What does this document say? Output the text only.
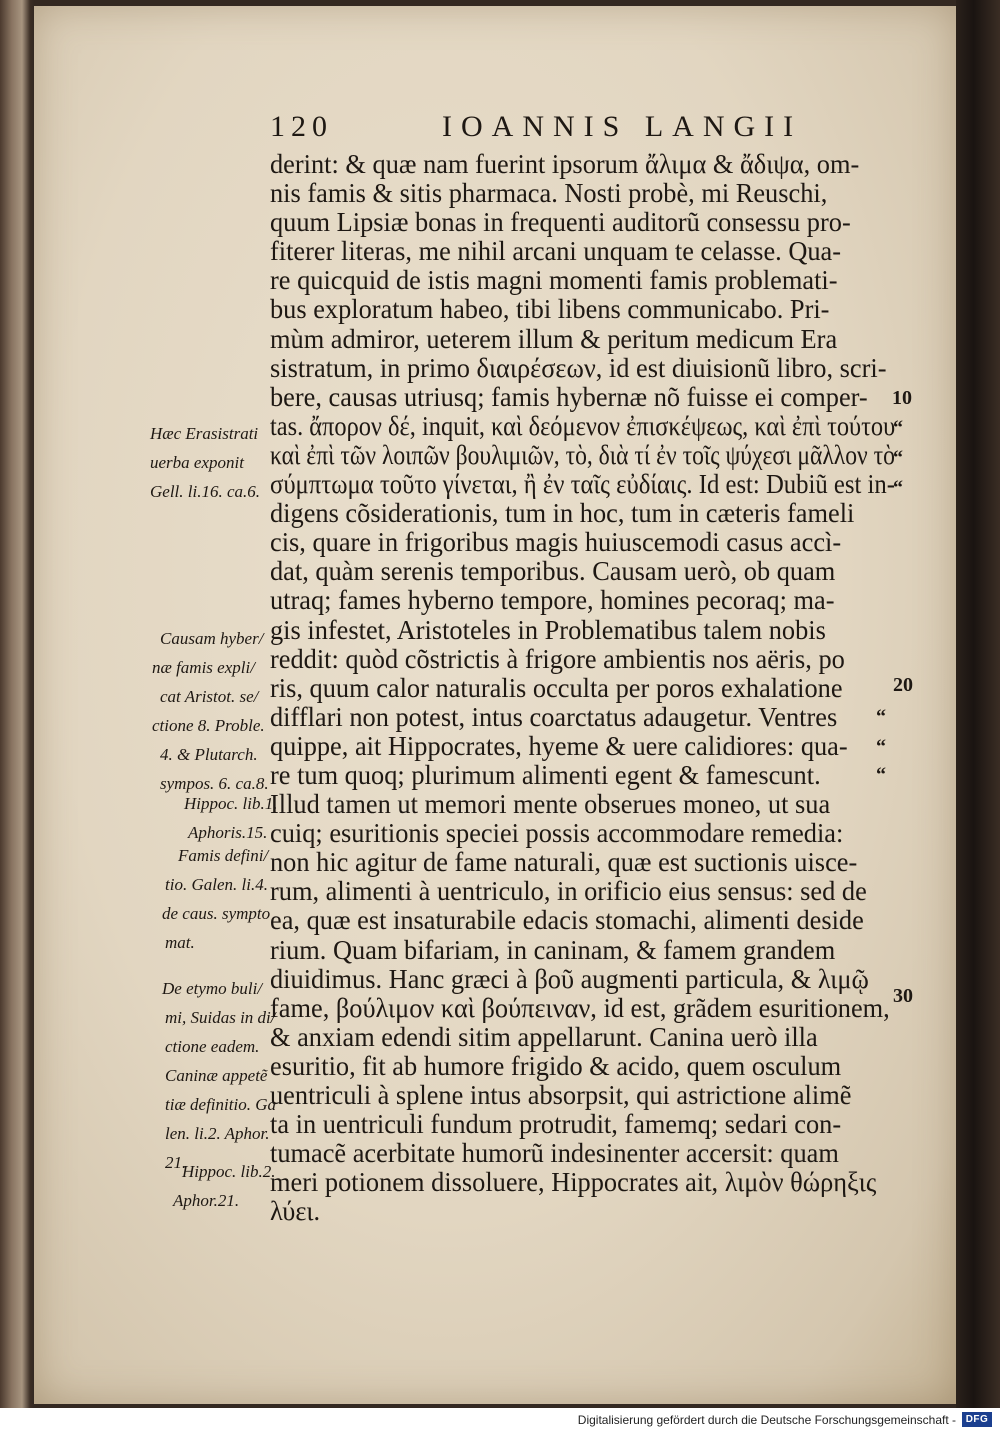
120	IOANNIS LANGII
derint: & quæ nam fuerint ipsorum ἄλιμα & ἄδιψα, om-
nis famis & sitis pharmaca. Nosti probè, mi Reuschi,
quum Lipsiæ bonas in frequenti auditorũ consessu pro-
fiterer literas, me nihil arcani unquam te celasse. Qua-
re quicquid de istis magni momenti famis problemati-
bus exploratum habeo, tibi libens communicabo. Pri-
mùm admiror, ueterem illum & peritum medicum Era
sistratum, in primo διαιρέσεων, id est diuisionũ libro, scri-
bere, causas utriusq; famis hybernæ nõ fuisse ei comper-
tas. ἄπορον δέ, inquit, καὶ δεόμενον ἐπισκέψεως, καὶ ἐπὶ τούτου
καὶ ἐπὶ τῶν λοιπῶν βουλιμιῶν, τὸ, διὰ τί ἐν τοῖς ψύχεσι μᾶλλον τὸ
σύμπτωμα τοῦτο γίνεται, ἢ ἐν ταῖς εὐδίαις. Id est: Dubiũ est in-
digens cõsiderationis, tum in hoc, tum in cæteris fameli
cis, quare in frigoribus magis huiuscemodi casus accì-
dat, quàm serenis temporibus. Causam uerò, ob quam
utraq; fames hyberno tempore, homines pecoraq; ma-
gis infestet, Aristoteles in Problematibus talem nobis
reddit: quòd cõstrictis à frigore ambientis nos aëris, po
ris, quum calor naturalis occulta per poros exhalatione
difflari non potest, intus coarctatus adaugetur. Ventres
quippe, ait Hippocrates, hyeme & uere calidiores: qua-
re tum quoq; plurimum alimenti egent & famescunt.
Illud tamen ut memori mente obserues moneo, ut sua
cuiq; esuritionis speciei possis accommodare remedia:
non hic agitur de fame naturali, quæ est suctionis uisce-
rum, alimenti à uentriculo, in orificio eius sensus: sed de
ea, quæ est insaturabile edacis stomachi, alimenti deside
rium. Quam bifariam, in caninam, & famem grandem
diuidimus. Hanc græci à βοῦ augmenti particula, & λιμῷ
fame, βούλιμον καὶ βούπειναν, id est, grãdem esuritionem,
& anxiam edendi sitim appellarunt. Canina uerò illa
esuritio, fit ab humore frigido & acido, quem osculum
uentriculi à splene intus absorpsit, qui astrictione alimẽ
ta in uentriculi fundum protrudit, famemq; sedari con-
tumacẽ acerbitate humorũ indesinenter accersit: quam
meri potionem dissoluere, Hippocrates ait, λιμὸν θώρηξις
λύει.
Hæc Erasistrati
uerba exponit
Gell. li.16. ca.6.
Causam hyber/
næ famis expli/
cat Aristot. se/
ctione 8. Proble.
4. & Plutarch.
sympos. 6. ca.8.
Hippoc. lib.1.
Aphoris.15.
Famis defini/
tio. Galen. li.4.
de caus. sympto
mat.
De etymo buli/
mi, Suidas in di/
ctione eadem.
Caninæ appetẽ
tiæ definitio. Ga
len. li.2. Aphor.
21.
Hippoc. lib.2.
Aphor.21.
10
20
30
“
“
“
“
“
“
Digitalisierung gefördert durch die Deutsche Forschungsgemeinschaft - DFG
